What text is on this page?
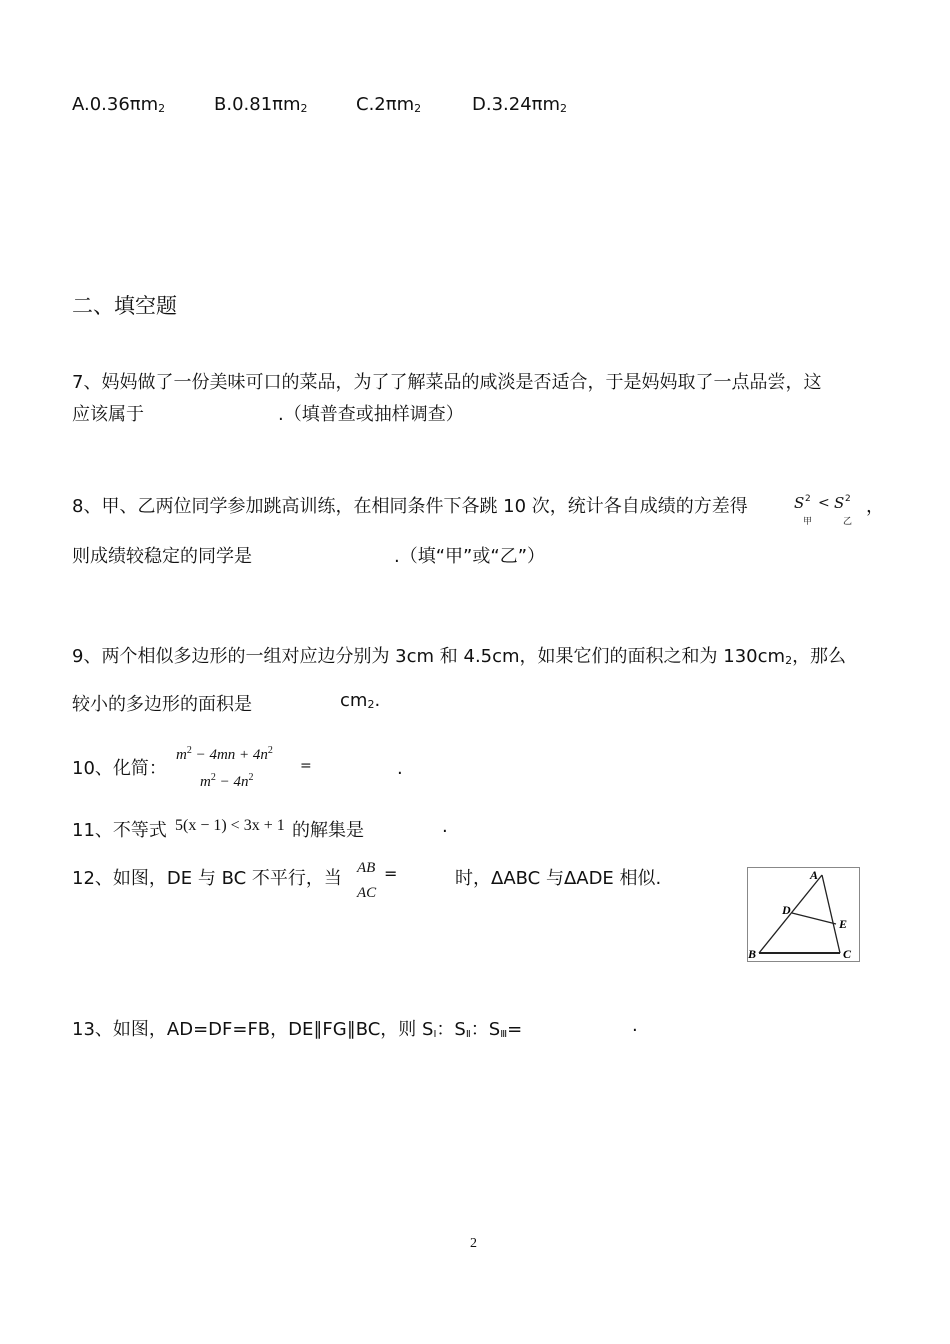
A.0.36πm2	B.0.81πm2	C.2πm2	D.3.24πm2
二、填空题
7、妈妈做了一份美味可口的菜品，为了了解菜品的咸淡是否适合，于是妈妈取了一点品尝，这
应该属于	.（填普查或抽样调查）
8、甲、乙两位同学参加跳高训练，在相同条件下各跳 10 次，统计各自成绩的方差得	S 2
甲
< S 2
乙
，
则成绩较稳定的同学是	.（填“甲”或“乙”）
9、两个相似多边形的一组对应边分别为 3cm 和 4.5cm，如果它们的面积之和为 130cm2，那么
较小的多边形的面积是	cm2.
10、化简：
$m^2 - 4mn + 4n^2$
$m^2 - 4n^2$
=	.
11、不等式 5(x − 1) < 3x + 1 的解集是	.
12、如图，DE 与 BC 不平行，当 AB
AC
=	时，ΔABC 与ΔADE 相似.	A
D
E
B	C
13、如图，AD=DF=FB，DE∥FG∥BC，则 $S_Ⅰ$：$S_Ⅱ$：$S_Ⅲ=$	.
2
